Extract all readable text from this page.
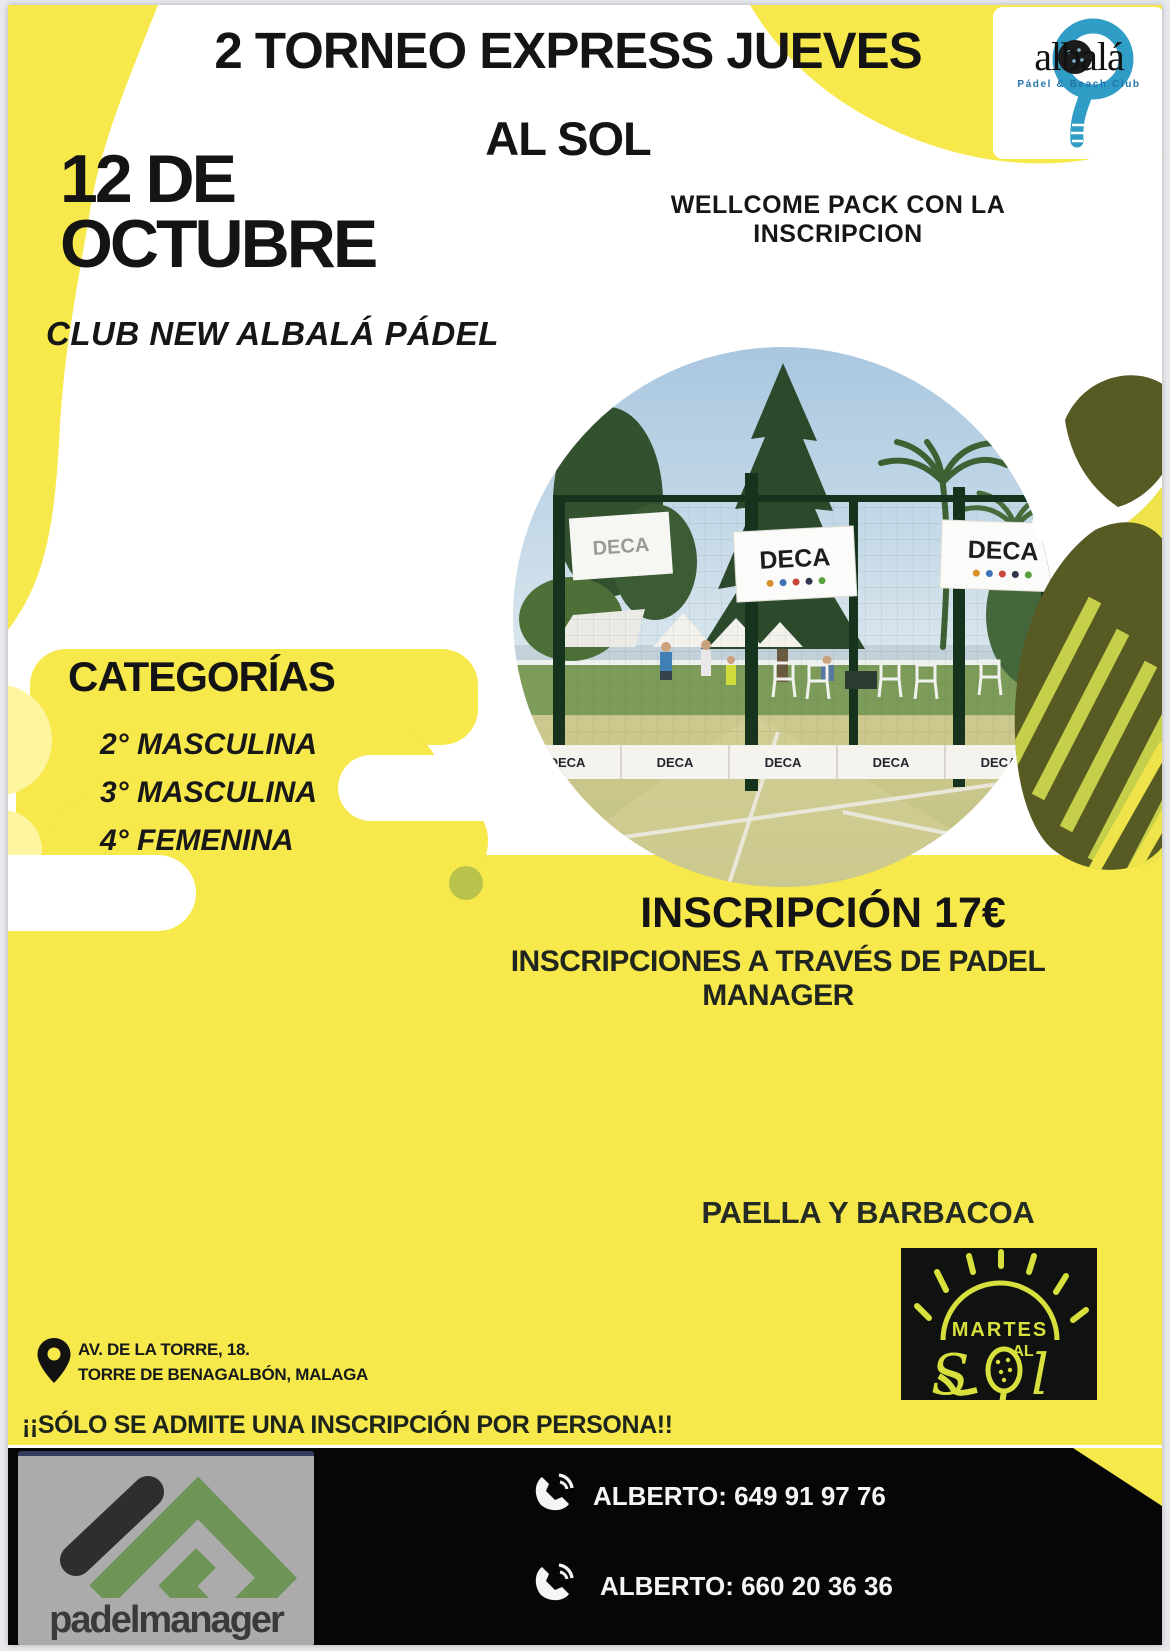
DECA	DECA	DECA
DECA	DECA	DECA	DECA	DECA
2 TORNEO EXPRESS JUEVES
AL SOL
12 DE
OCTUBRE
WELLCOME PACK CON LA INSCRIPCION
CLUB NEW ALBALÁ PÁDEL
CATEGORÍAS
2° MASCULINA
3° MASCULINA
4° FEMENINA
INSCRIPCIÓN 17€
INSCRIPCIONES A TRAVÉS DE PADEL MANAGER
PAELLA Y BARBACOA
albalá
Pádel & Beach Club
MARTES
AL
S l
AV. DE LA TORRE, 18.
TORRE DE BENAGALBÓN, MALAGA
¡¡SÓLO SE ADMITE UNA INSCRIPCIÓN POR PERSONA!!
padelmanager
ALBERTO: 649 91 97 76
ALBERTO: 660 20 36 36
